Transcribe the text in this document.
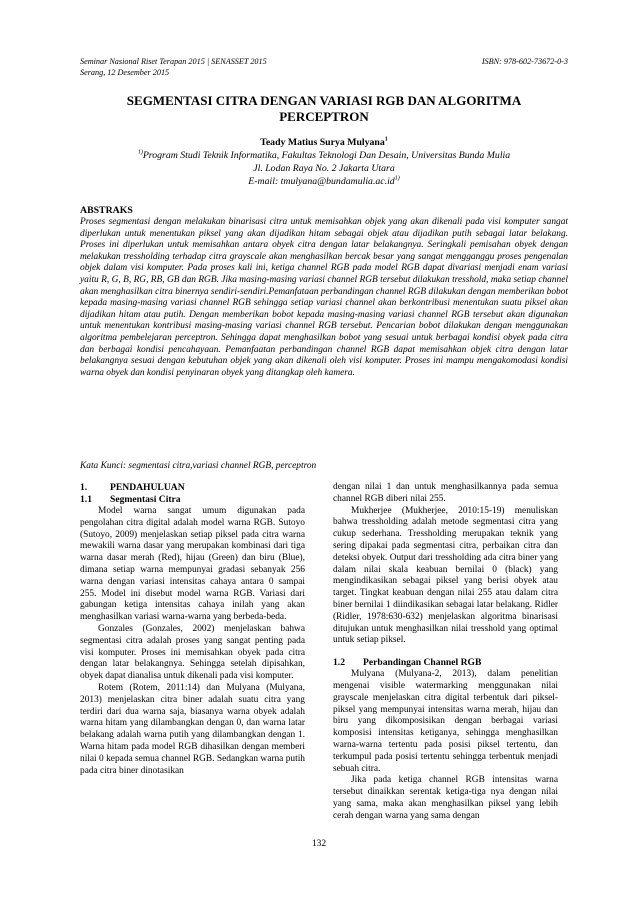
Seminar Nasional Riset Terapan 2015 | SENASSET 2015
Serang, 12 Desember 2015
ISBN: 978-602-73672-0-3
SEGMENTASI CITRA DENGAN VARIASI RGB DAN ALGORITMA
PERCEPTRON
Teady Matius Surya Mulyana$^1$
$^{1)}$Program Studi Teknik Informatika, Fakultas Teknologi Dan Desain, Universitas Bunda Mulia
Jl. Lodan Raya No. 2 Jakarta Utara
E-mail: $tmulyana@bundamulia.ac.id^{1)}$
ABSTRAKS

Proses segmentasi dengan melakukan binarisasi citra untuk memisahkan objek yang akan dikenali pada visi komputer sangat diperlukan untuk menentukan piksel yang akan dijadikan hitam sebagai objek atau dijadikan putih sebagai latar belakang. Proses ini diperlukan untuk memisahkan antara obyek citra dengan latar belakangnya. Seringkali pemisahan obyek dengan melakukan tressholding terhadap citra grayscale akan menghasilkan bercak besar yang sangat mengganggu proses pengenalan objek dalam visi komputer. Pada proses kali ini, ketiga channel RGB pada model RGB dapat divariasi menjadi enam variasi yaitu R, G, B, RG, RB, GB dan RGB. Jika masing-masing variasi channel RGB tersebut dilakukan tresshold, maka setiap channel akan menghasilkan citra binernya sendiri-sendiri.Pemanfataan perbandingan channel RGB dilakukan dengan memberikan bobot kepada masing-masing variasi channel RGB sehingga setiap variasi channel akan berkontribusi menentukan suatu piksel akan dijadikan hitam atau putih. Dengan memberikan bobot kepada masing-masing variasi channel RGB tersebut akan digunakan untuk menentukan kontribusi masing-masing variasi channel RGB tersebut. Pencarian bobot dilakukan dengan menggunakan algoritma pembelejaran perceptron. Sehingga dapat menghasilkan bobot yang sesuai untuk berbagai kondisi obyek pada citra dan berbagai kondisi pencahayaan. Pemanfaatan perbandingan channel RGB dapat memisahkan objek citra dengan latar belakangnya sesuai dengan kebutuhan objek yang akan dikenali oleh visi komputer. Proses ini mampu mengakomodasi kondisi warna obyek dan kondisi penyinaran obyek yang ditangkap oleh kamera.

Kata Kunci: segmentasi citra,variasi channel RGB, perceptron
1.	PENDAHULUAN
1.1	Segmentasi Citra

Model warna sangat umum digunakan pada pengolahan citra digital adalah model warna RGB. Sutoyo (Sutoyo, 2009) menjelaskan setiap piksel pada citra warna mewakili warna dasar yang merupakan kombinasi dari tiga warna dasar merah (Red), hijau (Green) dan biru (Blue), dimana setiap warna mempunyai gradasi sebanyak 256 warna dengan variasi intensitas cahaya antara 0 sampai 255. Model ini disebut model warna RGB. Variasi dari gabungan ketiga intensitas cahaya inilah yang akan menghasilkan variasi warna-warna yang berbeda-beda.

Gonzales (Gonzales, 2002) menjelaskan bahwa segmentasi citra adalah proses yang sangat penting pada visi komputer. Proses ini memisahkan obyek pada citra dengan latar belakangnya. Sehingga setelah dipisahkan, obyek dapat dianalisa untuk dikenali pada visi komputer.

Rotem (Rotem, 2011:14) dan Mulyana (Mulyana, 2013) menjelaskan citra biner adalah suatu citra yang terdiri dari dua warna saja, biasanya warna obyek adalah warna hitam yang dilambangkan dengan 0, dan warna latar belakang adalah warna putih yang dilambangkan dengan 1. Warna hitam pada model RGB dihasilkan dengan memberi nilai 0 kepada semua channel RGB. Sedangkan warna putih pada citra biner dinotasikan

dengan nilai 1 dan untuk menghasilkannya pada semua channel RGB diberi nilai 255.

Mukherjee (Mukherjee, 2010:15-19) menuliskan bahwa tressholding adalah metode segmentasi citra yang cukup sederhana. Tressholding merupakan teknik yang sering dipakai pada segmentasi citra, perbaikan citra dan deteksi obyek. Output dari tressholding ada citra biner yang dalam nilai skala keabuan bernilai 0 (black) yang mengindikasikan sebagai piksel yang berisi obyek atau target. Tingkat keabuan dengan nilai 255 atau dalam citra biner bernilai 1 diindikasikan sebagai latar belakang. Ridler (Ridler, 1978:630-632) menjelaskan algoritma binarisasi ditujukan untuk menghasilkan nilai tresshold yang optimal untuk setiap piksel.

1.2	Perbandingan Channel RGB

Mulyana (Mulyana-2, 2013), dalam penelitian mengenai visible watermarking menggunakan nilai grayscale menjelaskan citra digital terbentuk dari piksel-piksel yang mempunyai intensitas warna merah, hijau dan biru yang dikomposisikan dengan berbagai variasi komposisi intensitas ketiganya, sehingga menghasilkan warna-warna tertentu pada posisi piksel tertentu, dan terkumpul pada posisi tertentu sehingga terbentuk menjadi sebuah citra.

Jika pada ketiga channel RGB intensitas warna tersebut dinaikkan serentak ketiga-tiga nya dengan nilai yang sama, maka akan menghasilkan piksel yang lebih cerah dengan warna yang sama dengan

132
